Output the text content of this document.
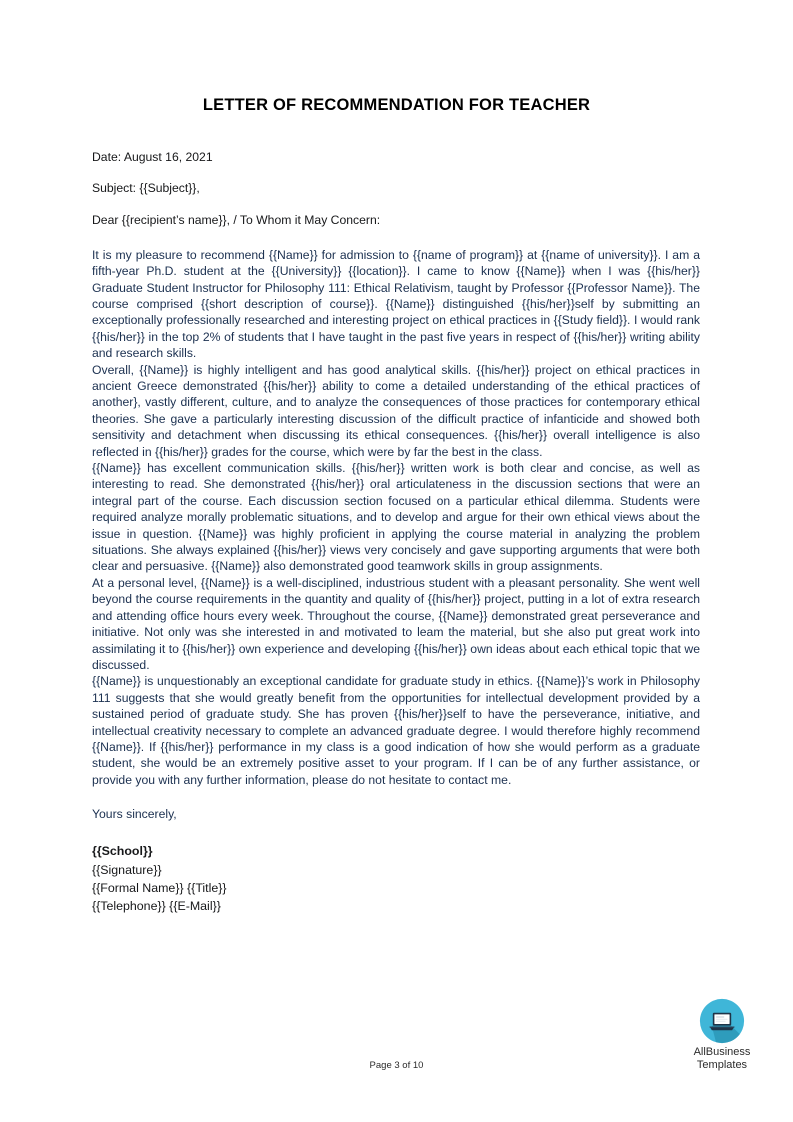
LETTER OF RECOMMENDATION FOR TEACHER
Date: August 16, 2021
Subject: {{Subject}},
Dear {{recipient’s name}}, / To Whom it May Concern:

It is my pleasure to recommend {{Name}} for admission to {{name of program}} at {{name of university}}. I am a fifth-year Ph.D. student at the {{University}} {{location}}. I came to know {{Name}} when I was {{his/her}} Graduate Student Instructor for Philosophy 111: Ethical Relativism, taught by Professor {{Professor Name}}. The course comprised {{short description of course}}. {{Name}} distinguished {{his/her}}self by submitting an exceptionally professionally researched and interesting project on ethical practices in {{Study field}}. I would rank {{his/her}} in the top 2% of students that I have taught in the past five years in respect of {{his/her}} writing ability and research skills.

Overall, {{Name}} is highly intelligent and has good analytical skills. {{his/her}} project on ethical practices in ancient Greece demonstrated {{his/her}} ability to come a detailed understanding of the ethical practices of another}, vastly different, culture, and to analyze the consequences of those practices for contemporary ethical theories. She gave a particularly interesting discussion of the difficult practice of infanticide and showed both sensitivity and detachment when discussing its ethical consequences. {{his/her}} overall intelligence is also reflected in {{his/her}} grades for the course, which were by far the best in the class.

{{Name}} has excellent communication skills. {{his/her}} written work is both clear and concise, as well as interesting to read. She demonstrated {{his/her}} oral articulateness in the discussion sections that were an integral part of the course. Each discussion section focused on a particular ethical dilemma. Students were required analyze morally problematic situations, and to develop and argue for their own ethical views about the issue in question. {{Name}} was highly proficient in applying the course material in analyzing the problem situations. She always explained {{his/her}} views very concisely and gave supporting arguments that were both clear and persuasive. {{Name}} also demonstrated good teamwork skills in group assignments.

At a personal level, {{Name}} is a well-disciplined, industrious student with a pleasant personality. She went well beyond the course requirements in the quantity and quality of {{his/her}} project, putting in a lot of extra research and attending office hours every week. Throughout the course, {{Name}} demonstrated great perseverance and initiative. Not only was she interested in and motivated to leam the material, but she also put great work into assimilating it to {{his/her}} own experience and developing {{his/her}} own ideas about each ethical topic that we discussed.

{{Name}} is unquestionably an exceptional candidate for graduate study in ethics. {{Name}}’s work in Philosophy 111 suggests that she would greatly benefit from the opportunities for intellectual development provided by a sustained period of graduate study. She has proven {{his/her}}self to have the perseverance, initiative, and intellectual creativity necessary to complete an advanced graduate degree. I would therefore highly recommend {{Name}}. If {{his/her}} performance in my class is a good indication of how she would perform as a graduate student, she would be an extremely positive asset to your program. If I can be of any further assistance, or provide you with any further information, please do not hesitate to contact me.

Yours sincerely,
{{School}}
{{Signature}}
{{Formal Name}} {{Title}}
{{Telephone}} {{E-Mail}}
Page 3 of 10
AllBusiness
Templates
